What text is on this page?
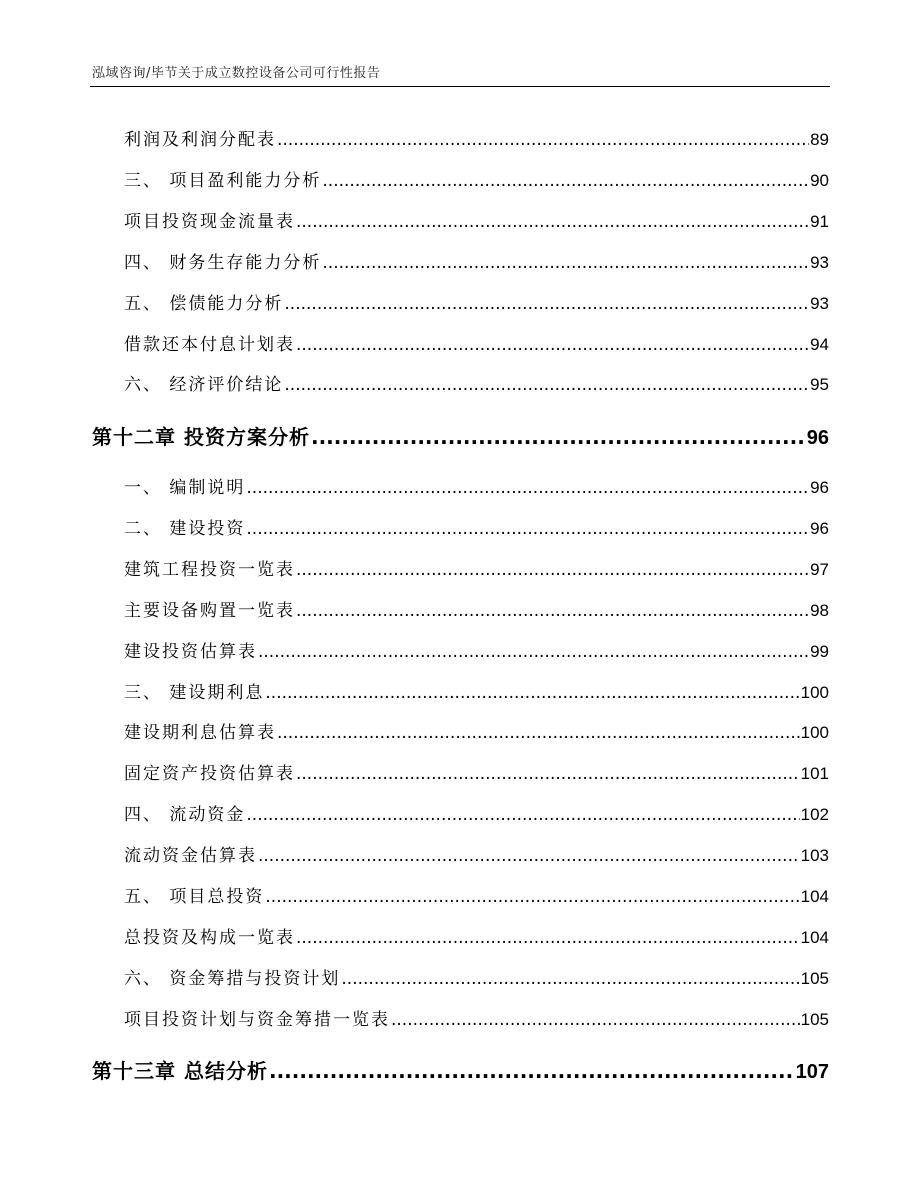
泓域咨询/毕节关于成立数控设备公司可行性报告
利润及利润分配表 .....	89
三、 项目盈利能力分析 .....	90
项目投资现金流量表 .....	91
四、 财务生存能力分析 .....	93
五、 偿债能力分析 .....	93
借款还本付息计划表 .....	94
六、 经济评价结论 .....	95
第十二章 投资方案分析 .....	96
一、 编制说明 .....	96
二、 建设投资 .....	96
建筑工程投资一览表 .....	97
主要设备购置一览表 .....	98
建设投资估算表 .....	99
三、 建设期利息 .....	100
建设期利息估算表 .....	100
固定资产投资估算表 .....	101
四、 流动资金 .....	102
流动资金估算表 .....	103
五、 项目总投资 .....	104
总投资及构成一览表 .....	104
六、 资金筹措与投资计划 .....	105
项目投资计划与资金筹措一览表 .....	105
第十三章 总结分析 .....	107
